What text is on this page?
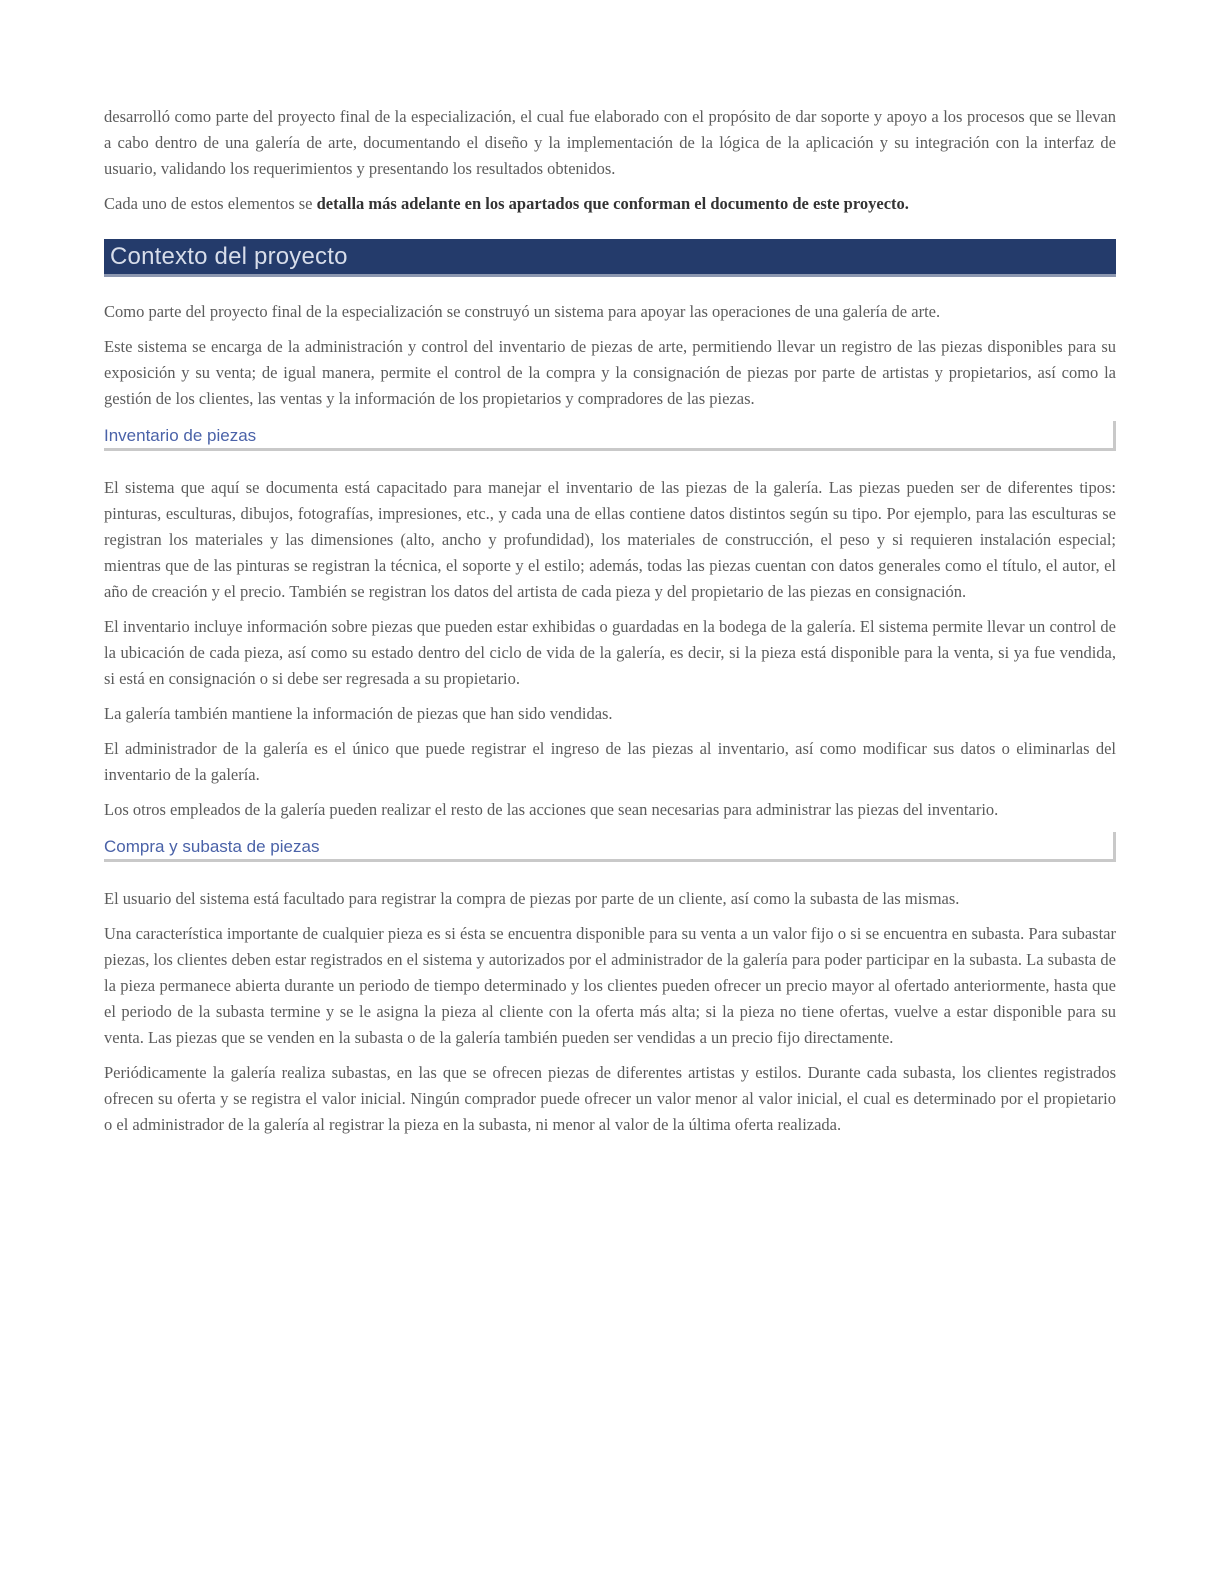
desarrolló como parte del proyecto final de la especialización, el cual fue elaborado con el propósito de dar soporte y apoyo a los procesos que se llevan a cabo dentro de una galería de arte, documentando el diseño y la implementación de la lógica de la aplicación y su integración con la interfaz de usuario, validando los requerimientos y presentando los resultados obtenidos.

Cada uno de estos elementos se detalla más adelante en los apartados que conforman el documento de este proyecto.

Contexto del proyecto

Como parte del proyecto final de la especialización se construyó un sistema para apoyar las operaciones de una galería de arte.

Este sistema se encarga de la administración y control del inventario de piezas de arte, permitiendo llevar un registro de las piezas disponibles para su exposición y su venta; de igual manera, permite el control de la compra y la consignación de piezas por parte de artistas y propietarios, así como la gestión de los clientes, las ventas y la información de los propietarios y compradores de las piezas.

Inventario de piezas

El sistema que aquí se documenta está capacitado para manejar el inventario de las piezas de la galería. Las piezas pueden ser de diferentes tipos: pinturas, esculturas, dibujos, fotografías, impresiones, etc., y cada una de ellas contiene datos distintos según su tipo. Por ejemplo, para las esculturas se registran los materiales y las dimensiones (alto, ancho y profundidad), los materiales de construcción, el peso y si requieren instalación especial; mientras que de las pinturas se registran la técnica, el soporte y el estilo; además, todas las piezas cuentan con datos generales como el título, el autor, el año de creación y el precio. También se registran los datos del artista de cada pieza y del propietario de las piezas en consignación.

El inventario incluye información sobre piezas que pueden estar exhibidas o guardadas en la bodega de la galería. El sistema permite llevar un control de la ubicación de cada pieza, así como su estado dentro del ciclo de vida de la galería, es decir, si la pieza está disponible para la venta, si ya fue vendida, si está en consignación o si debe ser regresada a su propietario.

La galería también mantiene la información de piezas que han sido vendidas.

El administrador de la galería es el único que puede registrar el ingreso de las piezas al inventario, así como modificar sus datos o eliminarlas del inventario de la galería.

Los otros empleados de la galería pueden realizar el resto de las acciones que sean necesarias para administrar las piezas del inventario.

Compra y subasta de piezas

El usuario del sistema está facultado para registrar la compra de piezas por parte de un cliente, así como la subasta de las mismas.

Una característica importante de cualquier pieza es si ésta se encuentra disponible para su venta a un valor fijo o si se encuentra en subasta. Para subastar piezas, los clientes deben estar registrados en el sistema y autorizados por el administrador de la galería para poder participar en la subasta. La subasta de la pieza permanece abierta durante un periodo de tiempo determinado y los clientes pueden ofrecer un precio mayor al ofertado anteriormente, hasta que el periodo de la subasta termine y se le asigna la pieza al cliente con la oferta más alta; si la pieza no tiene ofertas, vuelve a estar disponible para su venta. Las piezas que se venden en la subasta o de la galería también pueden ser vendidas a un precio fijo directamente.

Periódicamente la galería realiza subastas, en las que se ofrecen piezas de diferentes artistas y estilos. Durante cada subasta, los clientes registrados ofrecen su oferta y se registra el valor inicial. Ningún comprador puede ofrecer un valor menor al valor inicial, el cual es determinado por el propietario o el administrador de la galería al registrar la pieza en la subasta, ni menor al valor de la última oferta realizada.
